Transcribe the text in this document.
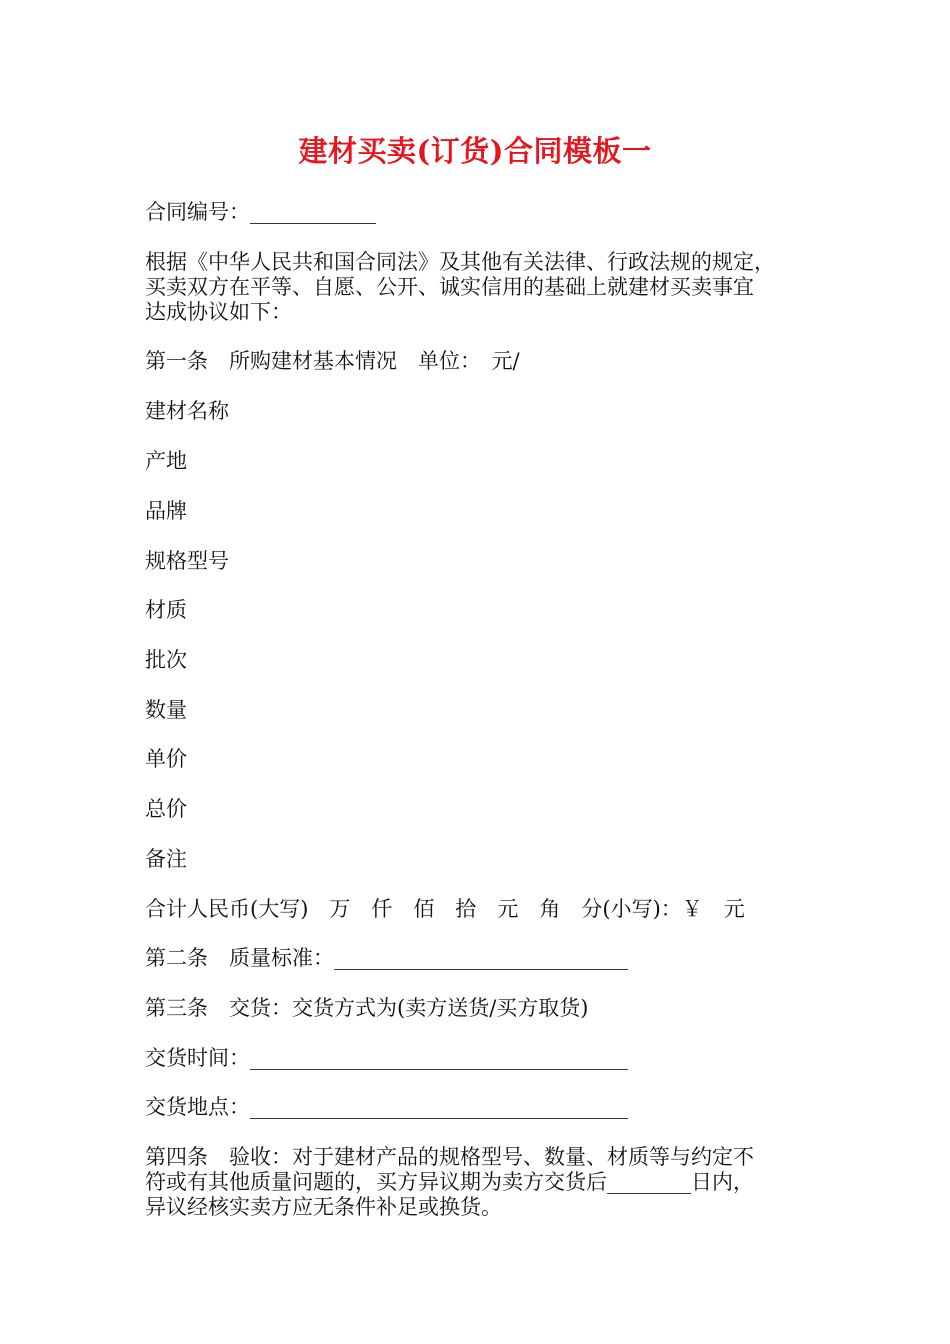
建材买卖(订货)合同模板一
合同编号：____________
根据《中华人民共和国合同法》及其他有关法律、行政法规的规定，
买卖双方在平等、自愿、公开、诚实信用的基础上就建材买卖事宜
达成协议如下：
第一条　所购建材基本情况　单位：　元/
建材名称
产地
品牌
规格型号
材质
批次
数量
单价
总价
备注
合计人民币(大写)　万　仟　佰　拾　元　角　分(小写)：￥　元
第二条　质量标准：____________________________
第三条　交货：交货方式为(卖方送货/买方取货)
交货时间：____________________________________
交货地点：____________________________________
第四条　验收：对于建材产品的规格型号、数量、材质等与约定不
符或有其他质量问题的，买方异议期为卖方交货后________日内，
异议经核实卖方应无条件补足或换货。
